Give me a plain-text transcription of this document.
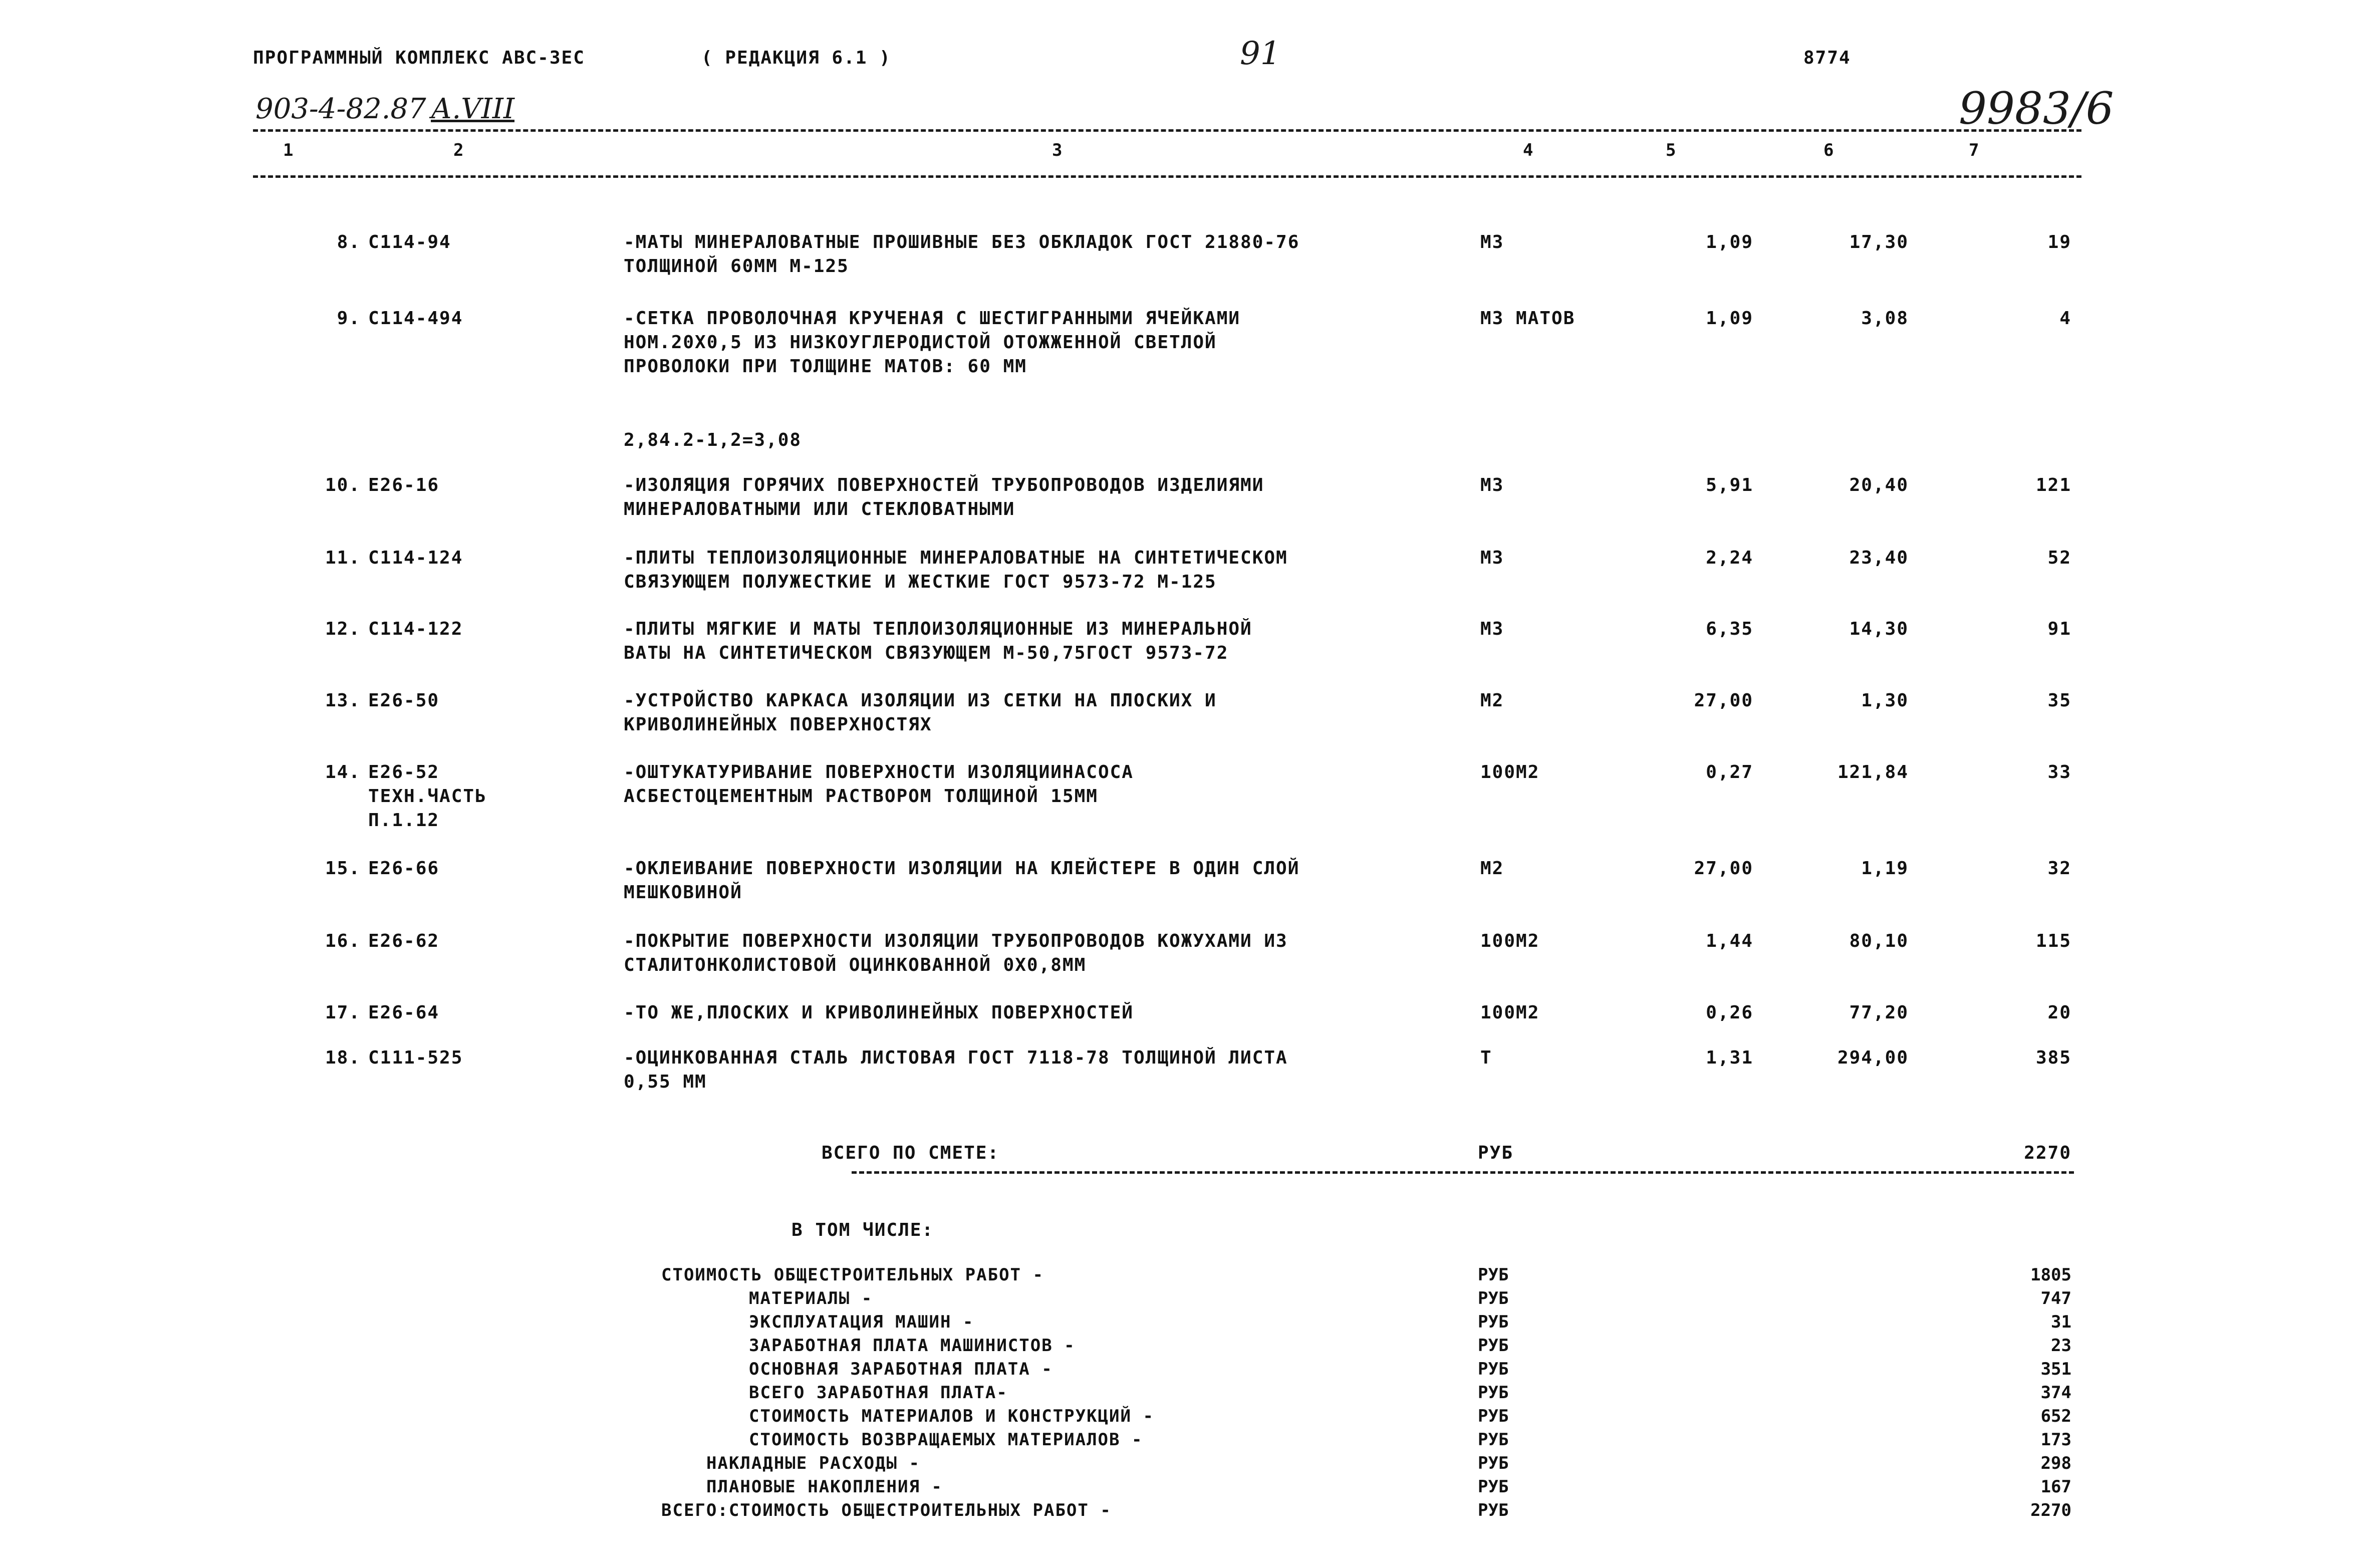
ПРОГРАММНЫЙ КОМПЛЕКС АВС-3ЕС	( РЕДАКЦИЯ 6.1 )	91	8774
903-4-82.87 А.VIII	9983/6
1	2	3	4	5	6	7
8. С114-94	-МАТЫ МИНЕРАЛОВАТНЫЕ ПРОШИВНЫЕ БЕЗ ОБКЛАДОК ГОСТ 21880-76
ТОЛЩИНОЙ 60ММ М-125
М3	1,09	17,30	19
9. С114-494	-СЕТКА ПРОВОЛОЧНАЯ КРУЧЕНАЯ С ШЕСТИГРАННЫМИ ЯЧЕЙКАМИ
НОМ.20Х0,5 ИЗ НИЗКОУГЛЕРОДИСТОЙ ОТОЖЖЕННОЙ СВЕТЛОЙ
ПРОВОЛОКИ ПРИ ТОЛЩИНЕ МАТОВ: 60 ММ
М3 МАТОВ	1,09	3,08	4
2,84.2-1,2=3,08
10. Е26-16	-ИЗОЛЯЦИЯ ГОРЯЧИХ ПОВЕРХНОСТЕЙ ТРУБОПРОВОДОВ ИЗДЕЛИЯМИ
МИНЕРАЛОВАТНЫМИ ИЛИ СТЕКЛОВАТНЫМИ
М3	5,91	20,40	121
11. С114-124	-ПЛИТЫ ТЕПЛОИЗОЛЯЦИОННЫЕ МИНЕРАЛОВАТНЫЕ НА СИНТЕТИЧЕСКОМ
СВЯЗУЮЩЕМ ПОЛУЖЕСТКИЕ И ЖЕСТКИЕ ГОСТ 9573-72 М-125
М3	2,24	23,40	52
12. С114-122	-ПЛИТЫ МЯГКИЕ И МАТЫ ТЕПЛОИЗОЛЯЦИОННЫЕ ИЗ МИНЕРАЛЬНОЙ
ВАТЫ НА СИНТЕТИЧЕСКОМ СВЯЗУЮЩЕМ М-50,75ГОСТ 9573-72
М3	6,35	14,30	91
13. Е26-50	-УСТРОЙСТВО КАРКАСА ИЗОЛЯЦИИ ИЗ СЕТКИ НА ПЛОСКИХ И
КРИВОЛИНЕЙНЫХ ПОВЕРХНОСТЯХ
М2	27,00	1,30	35
14. Е26-52
ТЕХН.ЧАСТЬ
П.1.12
-ОШТУКАТУРИВАНИЕ ПОВЕРХНОСТИ ИЗОЛЯЦИИНАСОСА
АСБЕСТОЦЕМЕНТНЫМ РАСТВОРОМ ТОЛЩИНОЙ 15ММ
100М2	0,27	121,84	33
15. Е26-66	-ОКЛЕИВАНИЕ ПОВЕРХНОСТИ ИЗОЛЯЦИИ НА КЛЕЙСТЕРЕ В ОДИН СЛОЙ
МЕШКОВИНОЙ
М2	27,00	1,19	32
16. Е26-62	-ПОКРЫТИЕ ПОВЕРХНОСТИ ИЗОЛЯЦИИ ТРУБОПРОВОДОВ КОЖУХАМИ ИЗ
СТАЛИТОНКОЛИСТОВОЙ ОЦИНКОВАННОЙ 0Х0,8ММ
100М2	1,44	80,10	115
17. Е26-64	-ТО ЖЕ,ПЛОСКИХ И КРИВОЛИНЕЙНЫХ ПОВЕРХНОСТЕЙ	100М2	0,26	77,20	20
18. С111-525	-ОЦИНКОВАННАЯ СТАЛЬ ЛИСТОВАЯ ГОСТ 7118-78 ТОЛЩИНОЙ ЛИСТА
0,55 ММ
Т	1,31	294,00	385
ВСЕГО ПО СМЕТЕ:	РУБ	2270
В ТОМ ЧИСЛЕ:
СТОИМОСТЬ ОБЩЕСТРОИТЕЛЬНЫХ РАБОТ -	РУБ	1805
МАТЕРИАЛЫ -	РУБ	747
ЭКСПЛУАТАЦИЯ МАШИН -	РУБ	31
ЗАРАБОТНАЯ ПЛАТА МАШИНИСТОВ -	РУБ	23
ОСНОВНАЯ ЗАРАБОТНАЯ ПЛАТА -	РУБ	351
ВСЕГО ЗАРАБОТНАЯ ПЛАТА-	РУБ	374
СТОИМОСТЬ МАТЕРИАЛОВ И КОНСТРУКЦИЙ -	РУБ	652
СТОИМОСТЬ ВОЗВРАЩАЕМЫХ МАТЕРИАЛОВ -	РУБ	173
НАКЛАДНЫЕ РАСХОДЫ -	РУБ	298
ПЛАНОВЫЕ НАКОПЛЕНИЯ -	РУБ	167
ВСЕГО:СТОИМОСТЬ ОБЩЕСТРОИТЕЛЬНЫХ РАБОТ -	РУБ	2270
